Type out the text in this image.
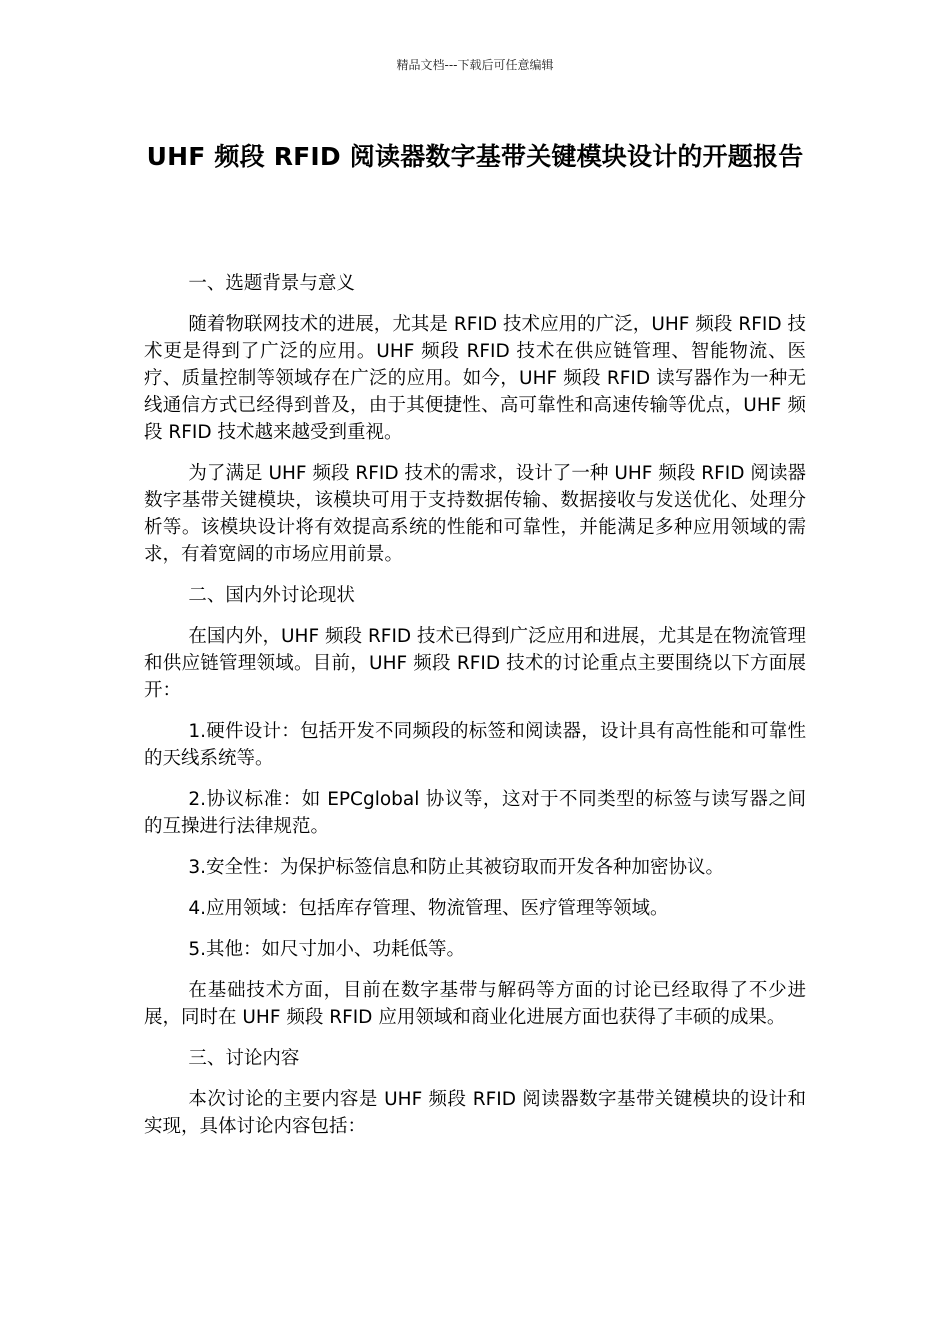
精品文档---下载后可任意编辑
UHF 频段 RFID 阅读器数字基带关键模块设计的开题报告

一、选题背景与意义

随着物联网技术的进展，尤其是 RFID 技术应用的广泛，UHF 频段 RFID 技术更是得到了广泛的应用。UHF 频段 RFID 技术在供应链管理、智能物流、医疗、质量控制等领域存在广泛的应用。如今，UHF 频段 RFID 读写器作为一种无线通信方式已经得到普及，由于其便捷性、高可靠性和高速传输等优点，UHF 频段 RFID 技术越来越受到重视。

为了满足 UHF 频段 RFID 技术的需求，设计了一种 UHF 频段 RFID 阅读器数字基带关键模块，该模块可用于支持数据传输、数据接收与发送优化、处理分析等。该模块设计将有效提高系统的性能和可靠性，并能满足多种应用领域的需求，有着宽阔的市场应用前景。

二、国内外讨论现状

在国内外，UHF 频段 RFID 技术已得到广泛应用和进展，尤其是在物流管理和供应链管理领域。目前，UHF 频段 RFID 技术的讨论重点主要围绕以下方面展开：

1.硬件设计：包括开发不同频段的标签和阅读器，设计具有高性能和可靠性的天线系统等。

2.协议标准：如 EPCglobal 协议等，这对于不同类型的标签与读写器之间的互操进行法律规范。

3.安全性：为保护标签信息和防止其被窃取而开发各种加密协议。

4.应用领域：包括库存管理、物流管理、医疗管理等领域。

5.其他：如尺寸加小、功耗低等。

在基础技术方面，目前在数字基带与解码等方面的讨论已经取得了不少进展，同时在 UHF 频段 RFID 应用领域和商业化进展方面也获得了丰硕的成果。

三、讨论内容

本次讨论的主要内容是 UHF 频段 RFID 阅读器数字基带关键模块的设计和实现，具体讨论内容包括：
